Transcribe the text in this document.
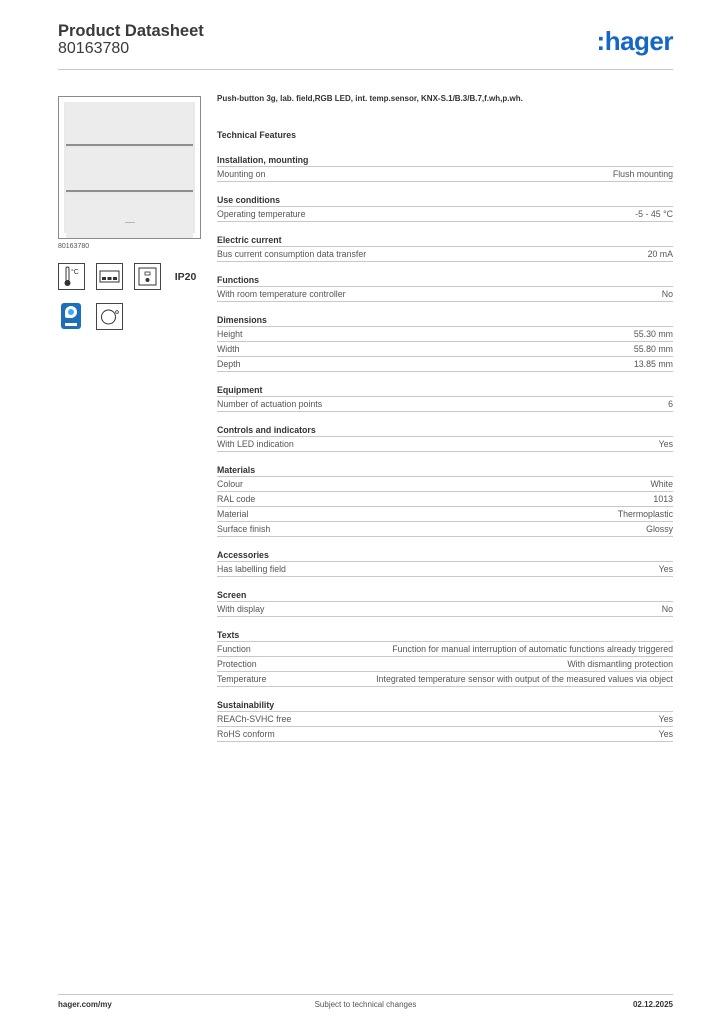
Product Datasheet
80163780	:hager
80163780
°C	IP20
Push-button 3g, lab. field,RGB LED, int. temp.sensor, KNX-S.1/B.3/B.7,f.wh,p.wh.
Technical Features
Installation, mounting
Mounting on	Flush mounting
Use conditions
Operating temperature	-5 - 45 °C
Electric current
Bus current consumption data transfer	20 mA
Functions
With room temperature controller	No
Dimensions
Height	55.30 mm
Width	55.80 mm
Depth	13.85 mm
Equipment
Number of actuation points	6
Controls and indicators
With LED indication	Yes
Materials
Colour	White
RAL code	1013
Material	Thermoplastic
Surface finish	Glossy
Accessories
Has labelling field	Yes
Screen
With display	No
Texts
Function	Function for manual interruption of automatic functions already triggered
Protection	With dismantling protection
Temperature	Integrated temperature sensor with output of the measured values via object
Sustainability
REACh-SVHC free	Yes
RoHS conform	Yes
hager.com/my	Subject to technical changes	02.12.2025
